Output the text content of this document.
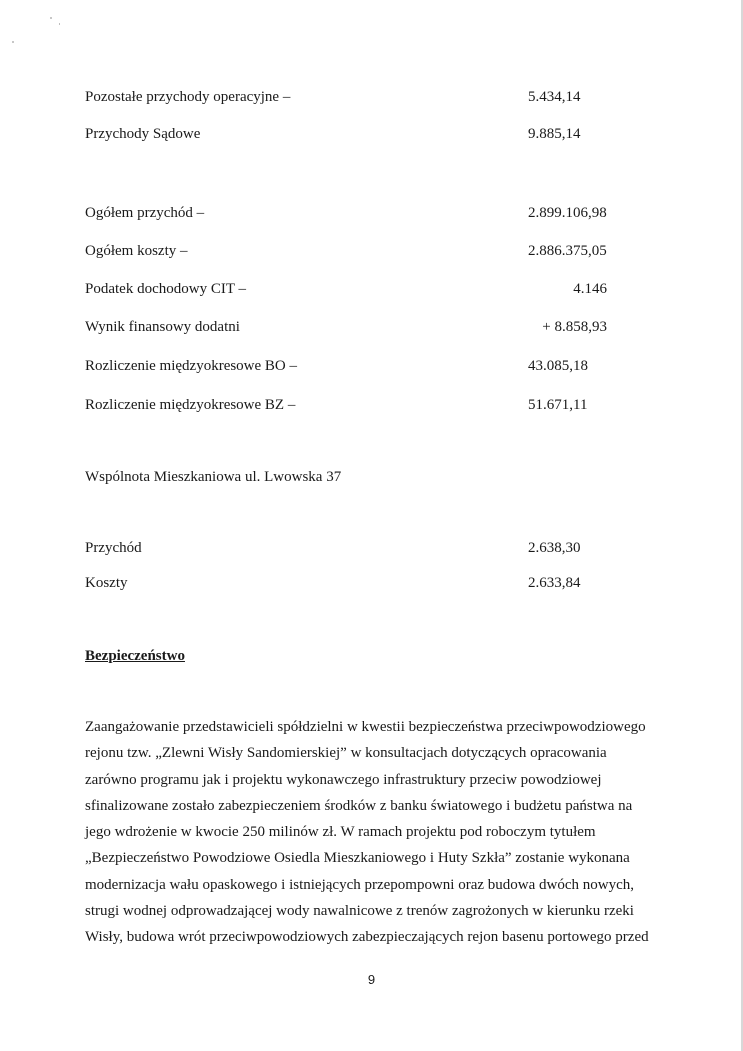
Pozostałe przychody operacyjne –	5.434,14
Przychody Sądowe	9.885,14
Ogółem przychód –	2.899.106,98
Ogółem koszty –	2.886.375,05
Podatek dochodowy CIT –	4.146
Wynik finansowy dodatni	+ 8.858,93
Rozliczenie międzyokresowe BO –	43.085,18
Rozliczenie międzyokresowe BZ –	51.671,11
Wspólnota Mieszkaniowa ul. Lwowska 37
Przychód	2.638,30
Koszty	2.633,84
Bezpieczeństwo
Zaangażowanie przedstawicieli spółdzielni w kwestii bezpieczeństwa przeciwpowodziowego
rejonu tzw. „Zlewni Wisły Sandomierskiej” w konsultacjach dotyczących opracowania
zarówno programu jak i projektu wykonawczego infrastruktury przeciw powodziowej
sfinalizowane zostało zabezpieczeniem środków z banku światowego i budżetu państwa na
jego wdrożenie w kwocie 250 milinów zł. W ramach projektu pod roboczym tytułem
„Bezpieczeństwo Powodziowe Osiedla Mieszkaniowego i Huty Szkła” zostanie wykonana
modernizacja wału opaskowego i istniejących przepompowni oraz budowa dwóch nowych,
strugi wodnej odprowadzającej wody nawalnicowe z trenów zagrożonych w kierunku rzeki
Wisły, budowa wrót przeciwpowodziowych zabezpieczających rejon basenu portowego przed
9
